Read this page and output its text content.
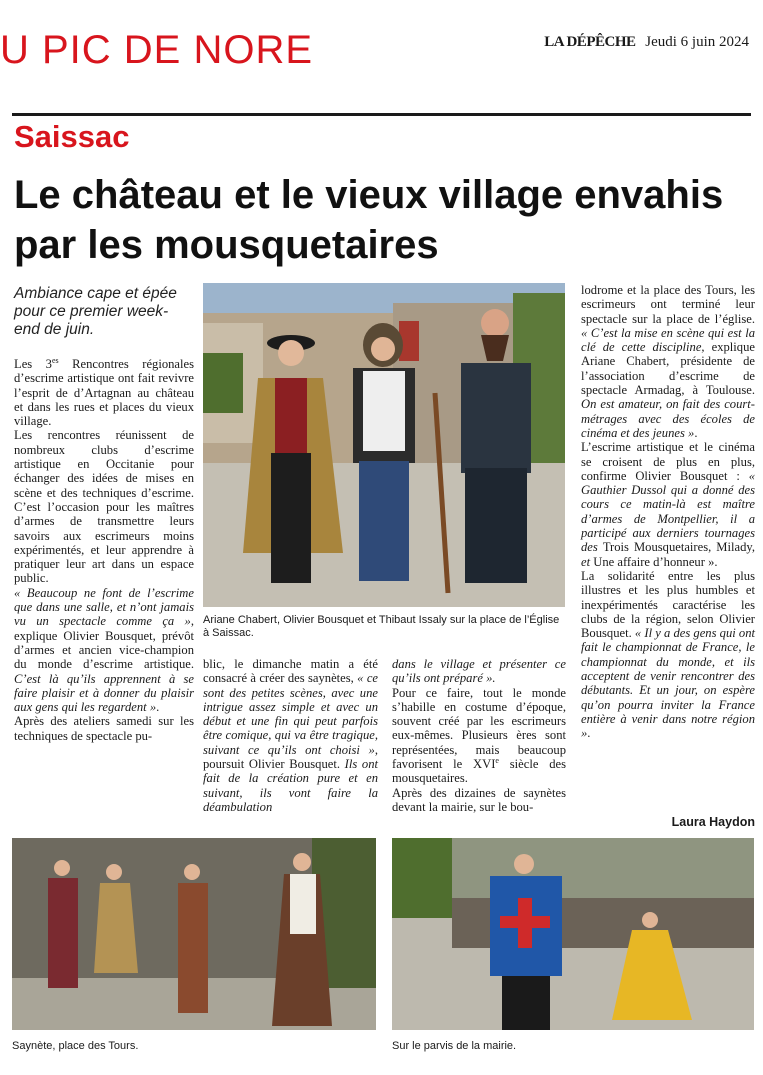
U PIC DE NORE	LA DÉPÊCHE Jeudi 6 juin 2024
Saissac
Le château et le vieux village envahis par les mousquetaires
Ambiance cape et épée pour ce premier week-end de juin.

Les $3^{es}$ Rencontres régionales d’escrime artistique ont fait revivre l’esprit de d’Artagnan au château et dans les rues et places du vieux village.

Les rencontres réunissent de nombreux clubs d’escrime artistique en Occitanie pour échanger des idées de mises en scène et des techniques d’escrime. C’est l’occasion pour les maîtres d’armes de transmettre leurs savoirs aux escrimeurs moins expérimentés, et leur apprendre à pratiquer leur art dans un espace public.

« Beaucoup ne font de l’escrime que dans une salle, et n’ont jamais vu un spectacle comme ça », explique Olivier Bousquet, prévôt d’armes et ancien vice-champion du monde d’escrime artistique. C’est là qu’ils apprennent à se faire plaisir et à donner du plaisir aux gens qui les regardent ».

Après des ateliers samedi sur les techniques de spectacle pu-

Ariane Chabert, Olivier Bousquet et Thibaut Issaly sur la place de l’Église à Saissac.

blic, le dimanche matin a été consacré à créer des saynètes, « ce sont des petites scènes, avec une intrigue assez simple et avec un début et une fin qui peut parfois être comique, qui va être tragique, suivant ce qu’ils ont choisi », poursuit Olivier Bousquet. Ils ont fait de la création pure et en suivant, ils vont faire la déambulation

dans le village et présenter ce qu’ils ont préparé ».

Pour ce faire, tout le monde s’habille en costume d’époque, souvent créé par les escrimeurs eux-mêmes. Plusieurs ères sont représentées, mais beaucoup favorisent le XVIe siècle des mousquetaires.

Après des dizaines de saynètes devant la mairie, sur le bou-

lodrome et la place des Tours, les escrimeurs ont terminé leur spectacle sur la place de l’église. « C’est la mise en scène qui est la clé de cette discipline, explique Ariane Chabert, présidente de l’association d’escrime de spectacle Armadag, à Toulouse. On est amateur, on fait des court-métrages avec des écoles de cinéma et des jeunes ».

L’escrime artistique et le cinéma se croisent de plus en plus, confirme Olivier Bousquet : « Gauthier Dussol qui a donné des cours ce matin-là est maître d’armes de Montpellier, il a participé aux derniers tournages des Trois Mousquetaires, Milady, et Une affaire d’honneur ».

La solidarité entre les plus illustres et les plus humbles et inexpérimentés caractérise les clubs de la région, selon Olivier Bousquet. « Il y a des gens qui ont fait le championnat de France, le championnat du monde, et ils acceptent de venir rencontrer des débutants. Et un jour, on espère qu’on pourra inviter la France entière à venir dans notre région ».

Laura Haydon
Saynète, place des Tours.	Sur le parvis de la mairie.
